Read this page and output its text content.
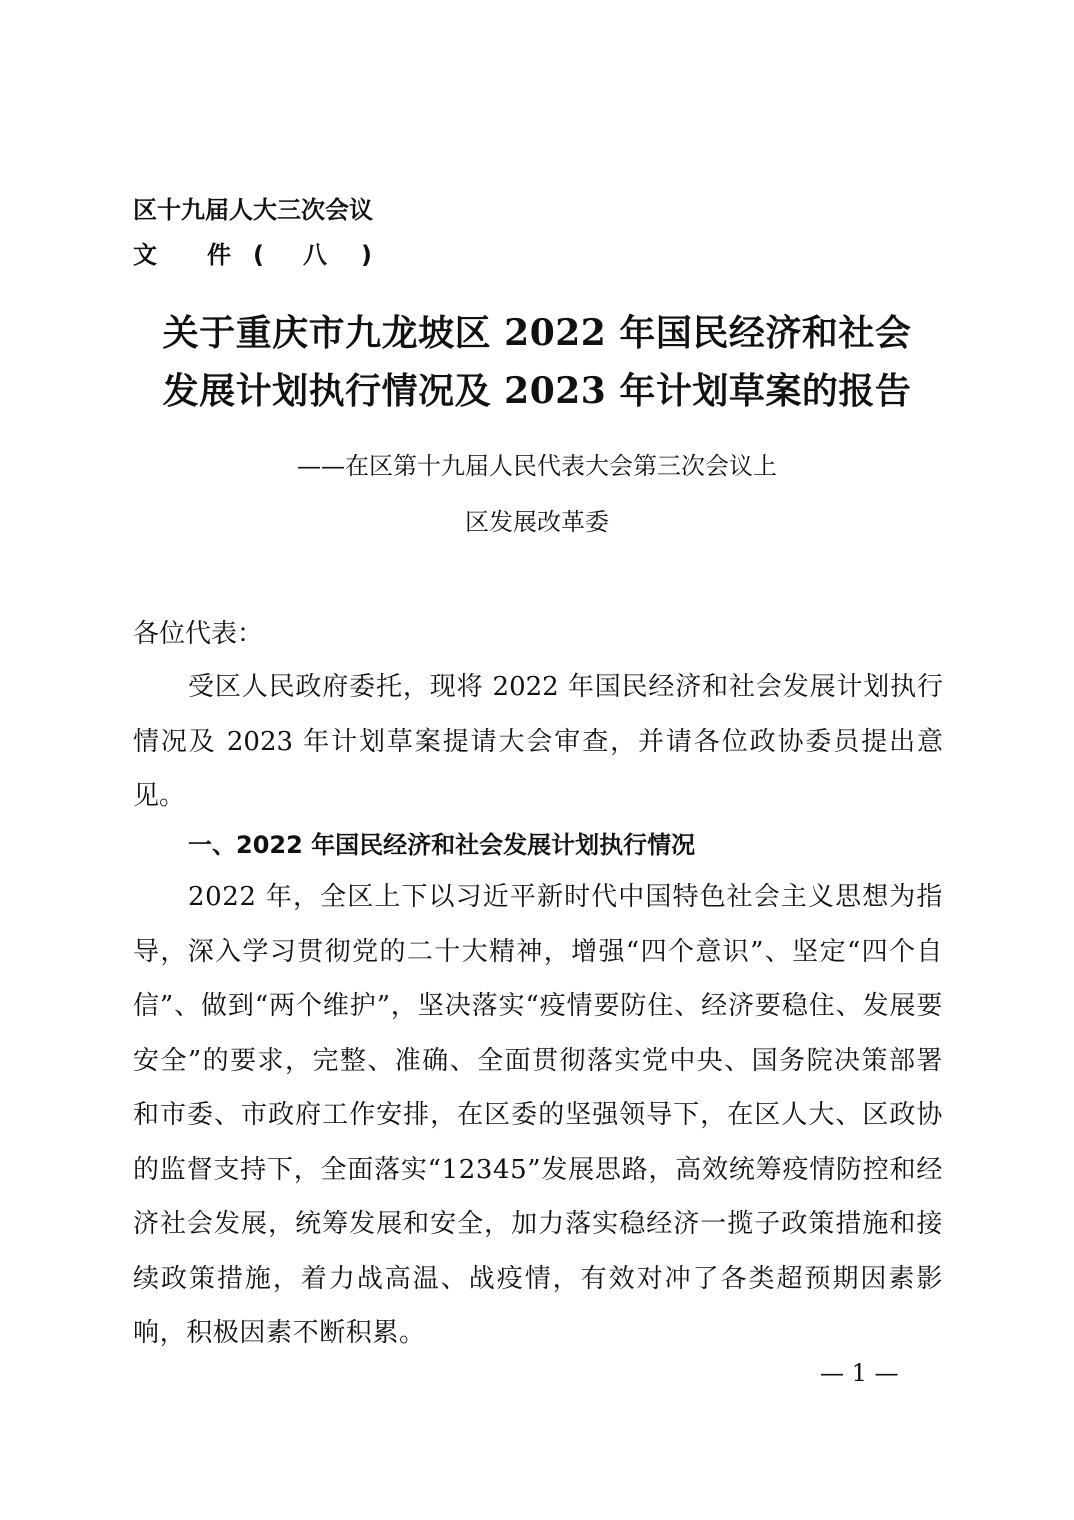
区十九届人大三次会议
文	件 (	八	)
关于重庆市九龙坡区 2022 年国民经济和社会
发展计划执行情况及 2023 年计划草案的报告
——在区第十九届人民代表大会第三次会议上
区发展改革委
各位代表：

受区人民政府委托，现将 2022 年国民经济和社会发展计划执行情况及 2023 年计划草案提请大会审查，并请各位政协委员提出意见。

一、2022 年国民经济和社会发展计划执行情况

2022 年，全区上下以习近平新时代中国特色社会主义思想为指导，深入学习贯彻党的二十大精神，增强“四个意识”、坚定“四个自信”、做到“两个维护”，坚决落实“疫情要防住、经济要稳住、发展要安全”的要求，完整、准确、全面贯彻落实党中央、国务院决策部署和市委、市政府工作安排，在区委的坚强领导下，在区人大、区政协的监督支持下，全面落实“12345”发展思路，高效统筹疫情防控和经济社会发展，统筹发展和安全，加力落实稳经济一揽子政策措施和接续政策措施，着力战高温、战疫情，有效对冲了各类超预期因素影响，积极因素不断积累。

— 1 —
